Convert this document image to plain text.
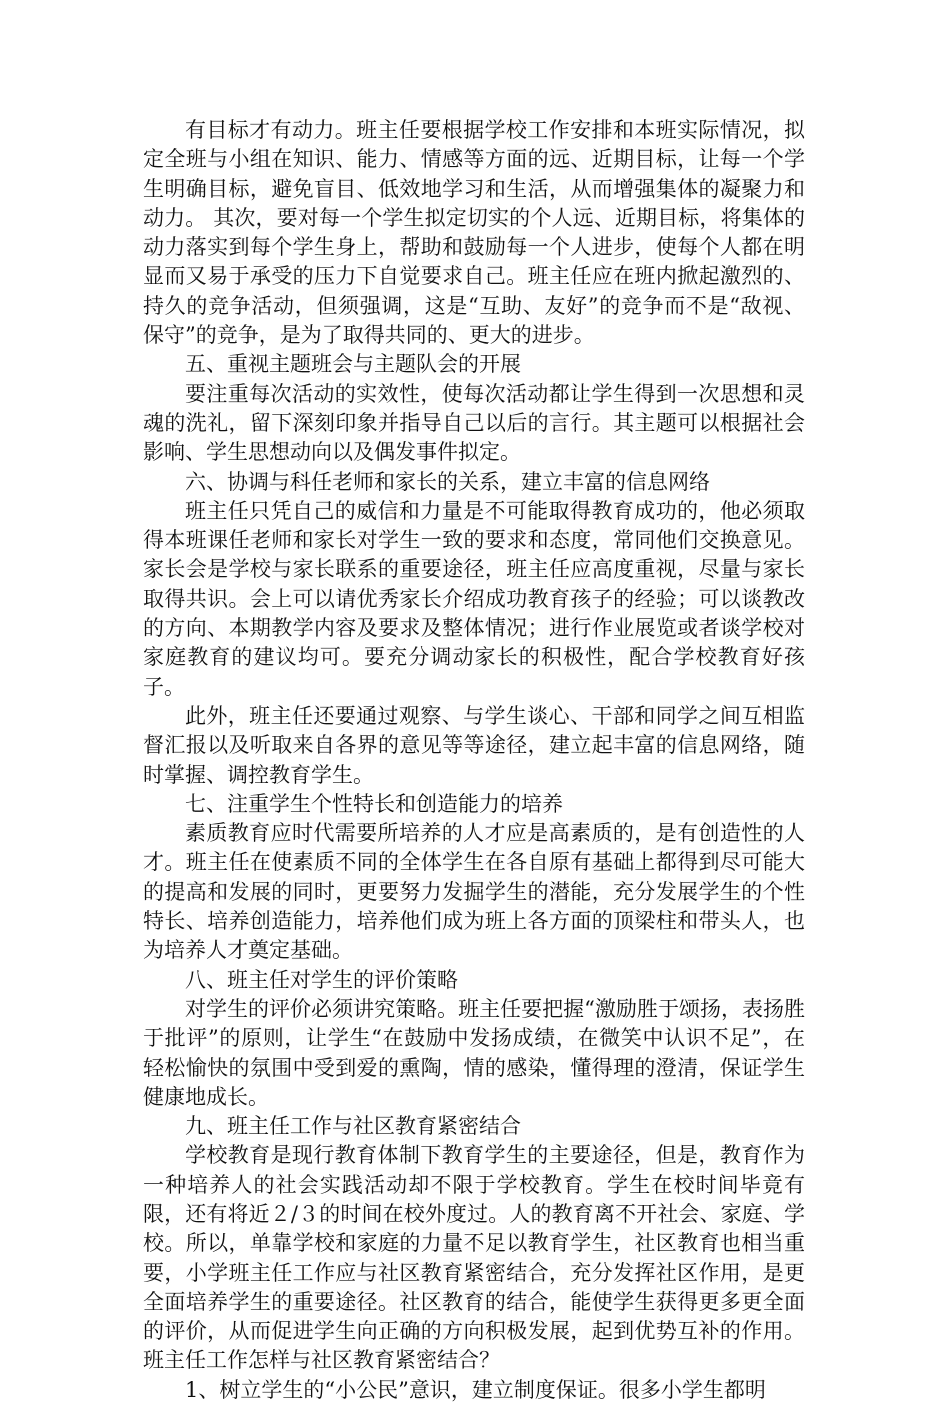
有目标才有动力。班主任要根据学校工作安排和本班实际情况，拟定全班与小组在知识、能力、情感等方面的远、近期目标，让每一个学生明确目标，避免盲目、低效地学习和生活，从而增强集体的凝聚力和动力。 其次，要对每一个学生拟定切实的个人远、近期目标，将集体的动力落实到每个学生身上，帮助和鼓励每一个人进步，使每个人都在明显而又易于承受的压力下自觉要求自己。班主任应在班内掀起激烈的、持久的竞争活动，但须强调，这是“互助、友好”的竞争而不是“敌视、保守”的竞争，是为了取得共同的、更大的进步。

五、重视主题班会与主题队会的开展

要注重每次活动的实效性，使每次活动都让学生得到一次思想和灵魂的洗礼，留下深刻印象并指导自己以后的言行。其主题可以根据社会影响、学生思想动向以及偶发事件拟定。

六、协调与科任老师和家长的关系，建立丰富的信息网络

班主任只凭自己的威信和力量是不可能取得教育成功的，他必须取得本班课任老师和家长对学生一致的要求和态度，常同他们交换意见。 家长会是学校与家长联系的重要途径，班主任应高度重视，尽量与家长取得共识。会上可以请优秀家长介绍成功教育孩子的经验；可以谈教改的方向、本期教学内容及要求及整体情况；进行作业展览或者谈学校对家庭教育的建议均可。要充分调动家长的积极性，配合学校教育好孩子。

此外，班主任还要通过观察、与学生谈心、干部和同学之间互相监督汇报以及听取来自各界的意见等等途径，建立起丰富的信息网络，随时掌握、调控教育学生。

七、注重学生个性特长和创造能力的培养

素质教育应时代需要所培养的人才应是高素质的，是有创造性的人才。班主任在使素质不同的全体学生在各自原有基础上都得到尽可能大的提高和发展的同时，更要努力发掘学生的潜能，充分发展学生的个性特长、培养创造能力，培养他们成为班上各方面的顶梁柱和带头人，也为培养人才奠定基础。

八、班主任对学生的评价策略

对学生的评价必须讲究策略。班主任要把握“激励胜于颂扬，表扬胜于批评”的原则，让学生“在鼓励中发扬成绩，在微笑中认识不足”，在轻松愉快的氛围中受到爱的熏陶，情的感染，懂得理的澄清，保证学生健康地成长。

九、班主任工作与社区教育紧密结合

学校教育是现行教育体制下教育学生的主要途径，但是，教育作为一种培养人的社会实践活动却不限于学校教育。学生在校时间毕竟有限，还有将近２/３的时间在校外度过。人的教育离不开社会、家庭、学校。所以，单靠学校和家庭的力量不足以教育学生，社区教育也相当重要，小学班主任工作应与社区教育紧密结合，充分发挥社区作用，是更全面培养学生的重要途径。社区教育的结合，能使学生获得更多更全面的评价，从而促进学生向正确的方向积极发展，起到优势互补的作用。班主任工作怎样与社区教育紧密结合？

1、树立学生的“小公民”意识，建立制度保证。很多小学生都明
